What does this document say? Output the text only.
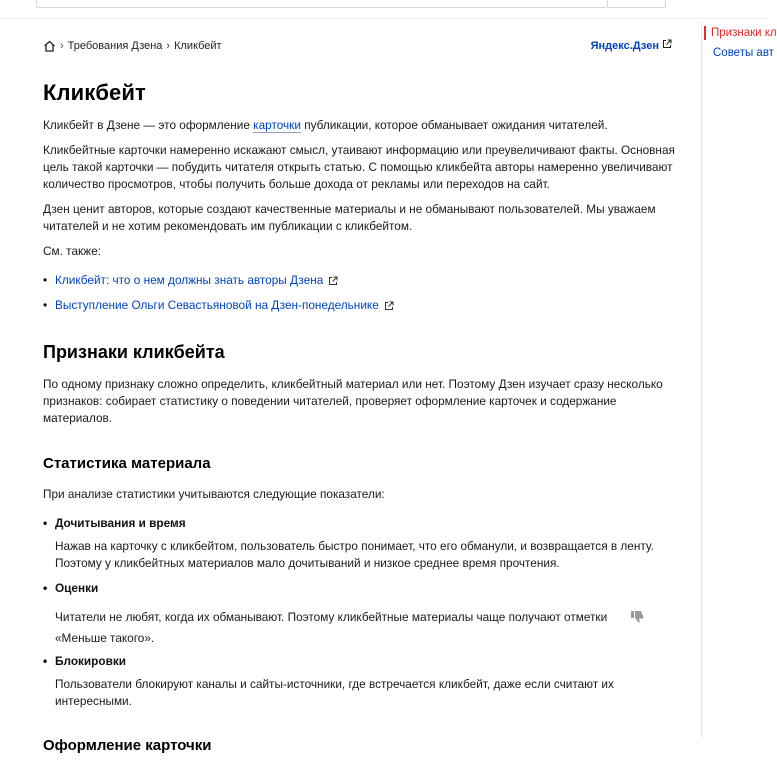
Признаки кл
Советы авт
› Требования Дзена › Кликбейт	Яндекс.Дзен
Кликбейт

Кликбейт в Дзене — это оформление карточки публикации, которое обманывает ожидания читателей.

Кликбейтные карточки намеренно искажают смысл, утаивают информацию или преувеличивают факты. Основная цель такой карточки — побудить читателя открыть статью. С помощью кликбейта авторы намеренно увеличивают количество просмотров, чтобы получить больше дохода от рекламы или переходов на сайт.

Дзен ценит авторов, которые создают качественные материалы и не обманывают пользователей. Мы уважаем читателей и не хотим рекомендовать им публикации с кликбейтом.

См. также:

• Кликбейт: что о нем должны знать авторы Дзена
• Выступление Ольги Севастьяновой на Дзен-понедельнике
Признаки кликбейта

По одному признаку сложно определить, кликбейтный материал или нет. Поэтому Дзен изучает сразу несколько признаков: собирает статистику о поведении читателей, проверяет оформление карточек и содержание материалов.

Статистика материала

При анализе статистики учитываются следующие показатели:

• Дочитывания и время

Нажав на карточку с кликбейтом, пользователь быстро понимает, что его обманули, и возвращается в ленту. Поэтому у кликбейтных материалов мало дочитываний и низкое среднее время прочтения.

• Оценки

Читатели не любят, когда их обманывают. Поэтому кликбейтные материалы чаще получают отметки «Меньше такого».

• Блокировки

Пользователи блокируют каналы и сайты-источники, где встречается кликбейт, даже если считают их интересными.

Оформление карточки
